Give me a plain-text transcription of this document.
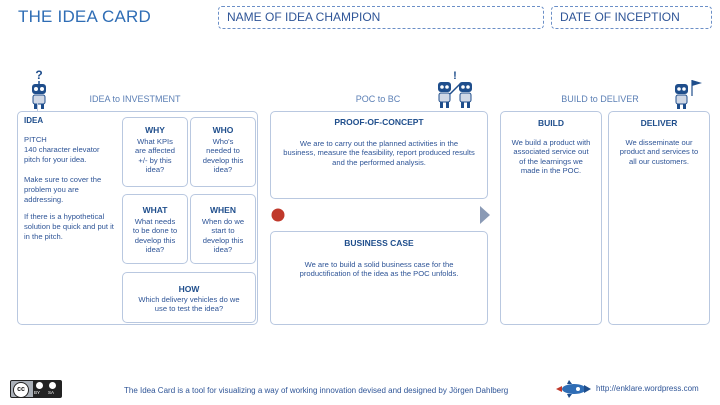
THE IDEA CARD	NAME OF IDEA CHAMPION	DATE OF INCEPTION
?	!
IDEA to INVESTMENT	POC to BC	BUILD to DELIVER
IDEA
PITCH
140 character elevator pitch for your idea.
Make sure to cover the problem you are addressing.
If there is a hypothetical solution be quick and put it in the pitch.
WHY
What KPIs are affected +/- by this idea?
WHO
Who's needed to develop this idea?
WHAT
What needs to be done to develop this idea?
WHEN
When do we start to develop this idea?
HOW
Which delivery vehicles do we use to test the idea?
PROOF-OF-CONCEPT
We are to carry out the planned activities in the business, measure the feasibility, report produced results and the performed analysis.
BUSINESS CASE
We are to build a solid business case for the productification of the idea as the POC unfolds.
BUILD
We build a product with associated service out of the learnings we made in the POC.
DELIVER
We disseminate our product and services to all our customers.
cc	BY SA	The Idea Card is a tool for visualizing a way of working innovation devised and designed by Jörgen Dahlberg	http://enklare.wordpress.com
